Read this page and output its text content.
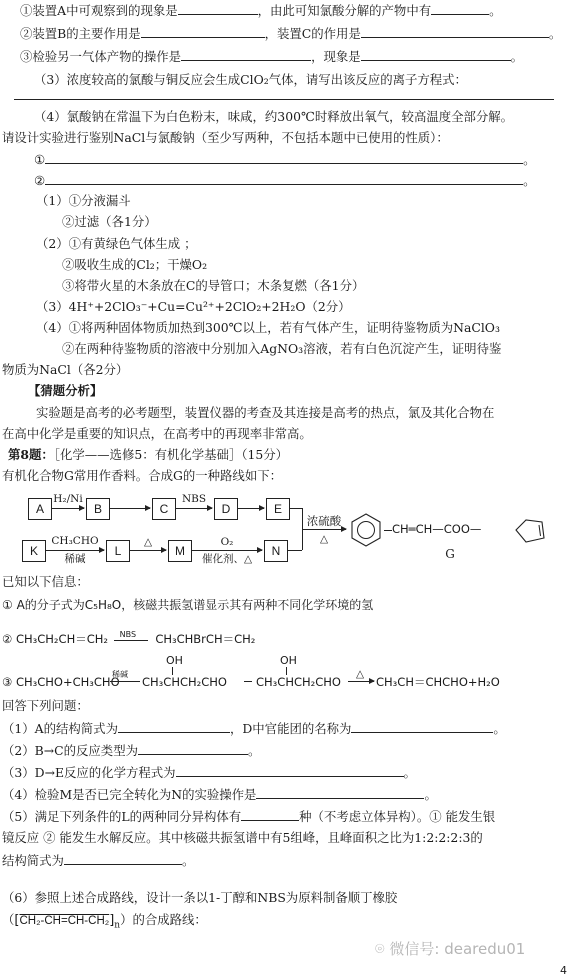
①装置A中可观察到的现象是	，由此可知氯酸分解的产物中有	。
②装置B的主要作用是	，装置C的作用是	。
③检验另一气体产物的操作是	，现象是	。
（3）浓度较高的氯酸与铜反应会生成ClO₂气体，请写出该反应的离子方程式：
（4）氯酸钠在常温下为白色粉末，味咸，约300℃时释放出氧气，较高温度全部分解。
请设计实验进行鉴别NaCl与氯酸钠（至少写两种，不包括本题中已使用的性质）：
①	。
②	。
（1）①分液漏斗
②过滤（各1分）
（2）①有黄绿色气体生成 ；
②吸收生成的Cl₂；干燥O₂
③将带火星的木条放在C的导管口；木条复燃（各1分）
（3）4H⁺+2ClO₃⁻+Cu=Cu²⁺+2ClO₂+2H₂O（2分）
（4）①将两种固体物质加热到300℃以上，若有气体产生，证明待鉴物质为NaClO₃
②在两种待鉴物质的溶液中分别加入AgNO₃溶液，若有白色沉淀产生，证明待鉴
物质为NaCl（各2分）
【猜题分析】
实验题是高考的必考题型，装置仪器的考查及其连接是高考的热点，氯及其化合物在
在高中化学是重要的知识点，在高考中的再现率非常高。
第8题：［化学——选修5：有机化学基础］（15分）
有机化合物G常用作香料。合成G的一种路线如下：
A
H₂/Ni
B	C
NBS
D	E
K
CH₃CHO
稀碱
L
△
M
O₂
催化剂、△
N
浓硫酸
△
CH═CH—COO—
G
已知以下信息：
① A的分子式为C₅H₈O，核磁共振氢谱显示其有两种不同化学环境的氢
② CH₃CH₂CH＝CH₂ NBS CH₃CHBrCH＝CH₂
③ CH₃CHO+CH₃CHO
稀碱
OH
CH₃CHCH₂CHO
OH
CH₃CHCH₂CHO
△
CH₃CH＝CHCHO+H₂O
回答下列问题：
（1）A的结构简式为	，D中官能团的名称为	。
（2）B→C的反应类型为	。
（3）D→E反应的化学方程式为	。
（4）检验M是否已完全转化为N的实验操作是	。
（5）满足下列条件的L的两种同分异构体有	种（不考虑立体异构）。① 能发生银
镜反应 ② 能发生水解反应。其中核磁共振氢谱中有5组峰，且峰面积之比为1:2:2:2:3的
结构简式为	。
（6）参照上述合成路线，设计一条以1-丁醇和NBS为原料制备顺丁橡胶
$([CH_2-CH=CH-CH_2]_n)$的合成路线：
⌾ 微信号: dearedu01
4
